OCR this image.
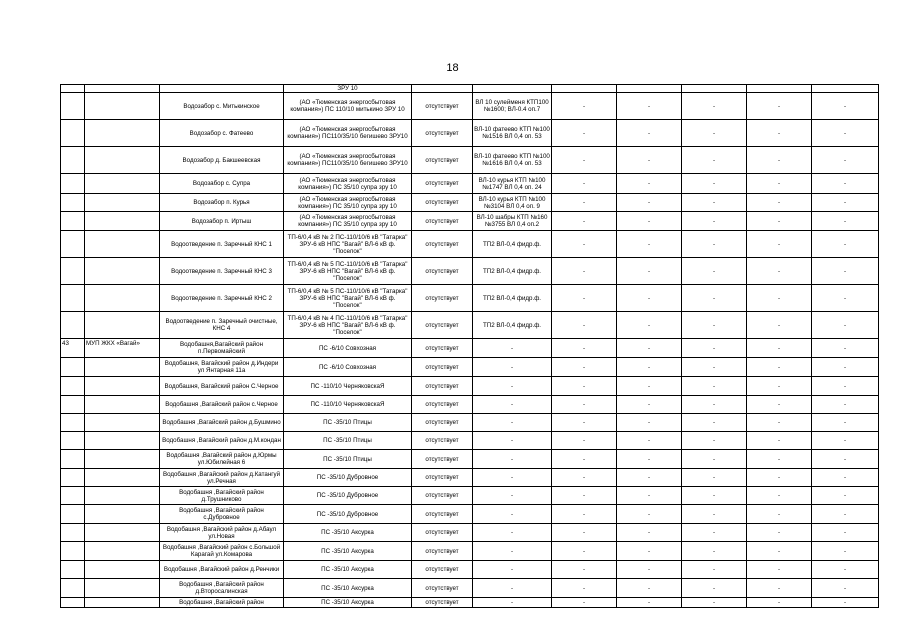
18
			ЗРУ 10							
		Водозабор с. Митькинское	(АО «Тюменская энергосбытовая компания») ПС 110/10 митькино ЗРУ 10	отсутствует	ВЛ 10 сулейменя КТП100 №1600; ВЛ-0.4 оп.7	-	-	-	-	-
		Водозабор с. Фатеево	(АО «Тюменская энергосбытовая компания») ПС110/35/10 бегишево ЗРУ10	отсутствует	ВЛ-10 фатеево КТП №100 №1516 ВЛ 0,4 оп. 53	-	-	-	-	-
		Водозабор д. Бакшеевская	(АО «Тюменская энергосбытовая компания») ПС110/35/10 бегишево ЗРУ10	отсутствует	ВЛ-10 фатеево КТП №100 №1616 ВЛ 0,4 оп. 53	-	-	-	-	-
		Водозабор с. Супра	(АО «Тюменская энергосбытовая компания») ПС 35/10 супра зру 10	отсутствует	ВЛ-10 курья КТП №100 №1747 ВЛ 0,4 оп. 24	-	-	-	-	-
		Водозабор п. Курья	(АО «Тюменская энергосбытовая компания») ПС 35/10 супра зру 10	отсутствует	ВЛ-10 курья КТП №100 №3104 ВЛ 0,4 оп. 9	-	-	-	-	-
		Водозабор п. Иртыш	(АО «Тюменская энергосбытовая компания») ПС 35/10 супра зру 10	отсутствует	ВЛ-10 шабры КТП №160 №3755 ВЛ 0,4 оп.2	-	-	-	-	-
		Водоотведение п. Заречный КНС 1	ТП-6/0,4 кВ № 2 ПС-110/10/6 кВ "Татарка" ЗРУ-6 кВ НПС "Вагай" ВЛ-6 кВ ф. "Поселок"	отсутствует	ТП2 ВЛ-0,4 фидр.ф.	-	-	-	-	-
		Водоотведение п. Заречный КНС 3	ТП-6/0,4 кВ № 5 ПС-110/10/6 кВ "Татарка" ЗРУ-6 кВ НПС "Вагай" ВЛ-6 кВ ф. "Поселок"	отсутствует	ТП2 ВЛ-0,4 фидр.ф.	-	-	-	-	-
		Водоотведение п. Заречный КНС 2	ТП-6/0,4 кВ № 5 ПС-110/10/6 кВ "Татарка" ЗРУ-6 кВ НПС "Вагай" ВЛ-6 кВ ф. "Поселок"	отсутствует	ТП2 ВЛ-0,4 фидр.ф.	-	-	-	-	-
		Водоотведение п. Заречный очистные, КНС 4	ТП-6/0,4 кВ № 4 ПС-110/10/6 кВ "Татарка" ЗРУ-6 кВ НПС "Вагай" ВЛ-6 кВ ф. "Поселок"	отсутствует	ТП2 ВЛ-0,4 фидр.ф.	-	-	-	-	-
43	МУП ЖКХ «Вагай»	Водобашня,Вагайский район п.Первомайский	ПС -6/10 Совхозная	отсутствует	-	-	-	-	-	-
		Водобашня, Вагайский район д.Индери ул Янтарная 11а	ПС -6/10 Совхозная	отсутствует	-	-	-	-	-	-
		Водобашня, Вагайский район С.Черное	ПС -110/10 ЧерняковскаЯ	отсутствует	-	-	-	-	-	-
		Водобашня ,Вагайский район с.Черное	ПС -110/10 ЧерняковскаЯ	отсутствует	-	-	-	-	-	-
		Водобашня ,Вагайский район д.Бушмино	ПС -35/10 Птицы	отсутствует	-	-	-	-	-	-
		Водобашня ,Вагайский район д.М.кондан	ПС -35/10 Птицы	отсутствует	-	-	-	-	-	-
		Водобашня ,Вагайский район д.Юрмы ул.Юбилейная 6	ПС -35/10 Птицы	отсутствует	-	-	-	-	-	-
		Водобашня ,Вагайский район д.Катангуй ул.Речная	ПС -35/10 Дубровное	отсутствует	-	-	-	-	-	-
		Водобашня ,Вагайский район д.Трушниково	ПС -35/10 Дубровное	отсутствует	-	-	-	-	-	-
		Водобашня ,Вагайский район с.Дубровное	ПС -35/10 Дубровное	отсутствует	-	-	-	-	-	-
		Водобашня ,Вагайский район д.Абаул ул.Новая	ПС -35/10 Аксурка	отсутствует	-	-	-	-	-	-
		Водобашня ,Вагайский район с.Большой Карагай ул.Комарова	ПС -35/10 Аксурка	отсутствует	-	-	-	-	-	-
		Водобашня ,Вагайский район д.Ренчики	ПС -35/10 Аксурка	отсутствует	-	-	-	-	-	-
		Водобашня ,Вагайский район д.Второсалинская	ПС -35/10 Аксурка	отсутствует	-	-	-	-	-	-
		Водобашня ,Вагайский район	ПС -35/10 Аксурка	отсутствует	-	-	-	-	-	-
